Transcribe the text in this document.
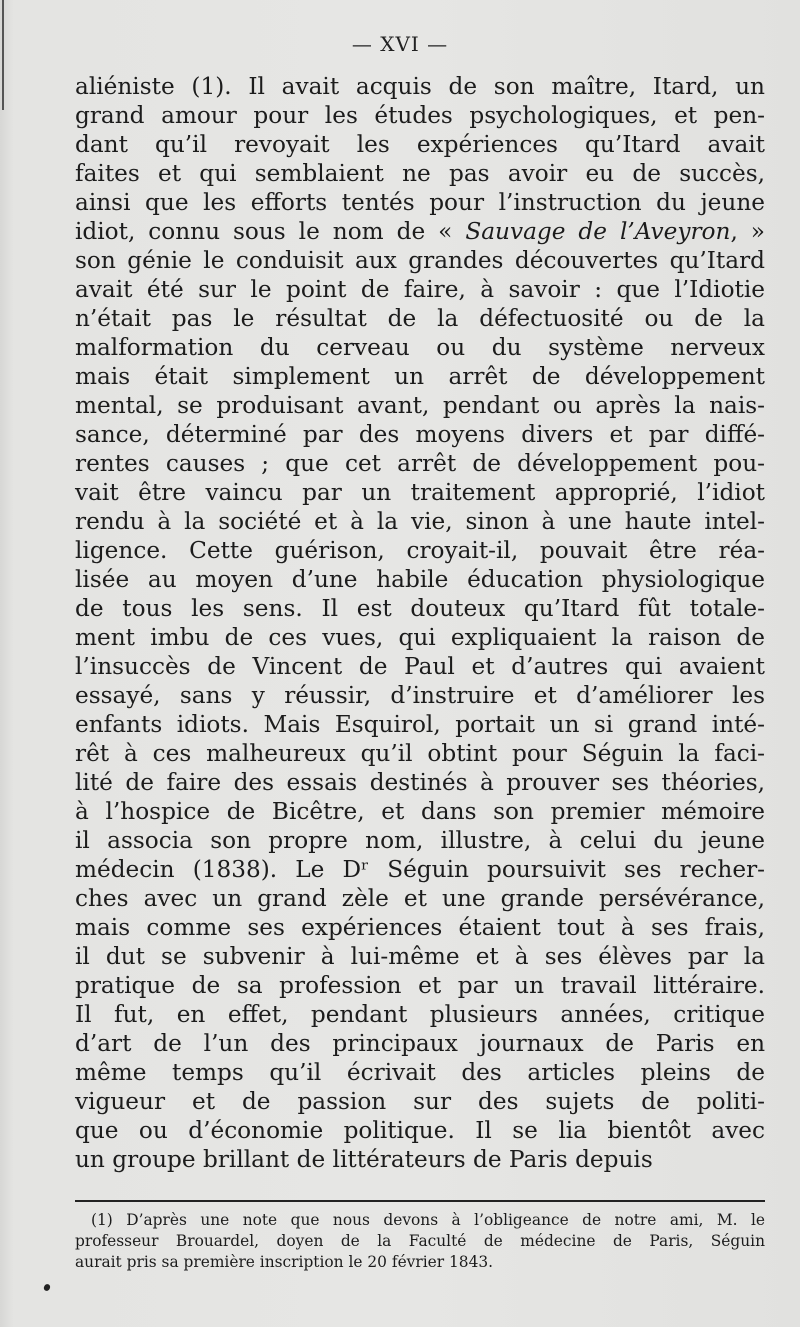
— XVI —
aliéniste (1). Il avait acquis de son maître, Itard, un
grand amour pour les études psychologiques, et pen-
dant qu’il revoyait les expériences qu’Itard avait
faites et qui semblaient ne pas avoir eu de succès,
ainsi que les efforts tentés pour l’instruction du jeune
idiot, connu sous le nom de « Sauvage de l’Aveyron, »
son génie le conduisit aux grandes découvertes qu’Itard
avait été sur le point de faire, à savoir : que l’Idiotie
n’était pas le résultat de la défectuosité ou de la
malformation du cerveau ou du système nerveux
mais était simplement un arrêt de développement
mental, se produisant avant, pendant ou après la nais-
sance, déterminé par des moyens divers et par diffé-
rentes causes ; que cet arrêt de développement pou-
vait être vaincu par un traitement approprié, l’idiot
rendu à la société et à la vie, sinon à une haute intel-
ligence. Cette guérison, croyait-il, pouvait être réa-
lisée au moyen d’une habile éducation physiologique
de tous les sens. Il est douteux qu’Itard fût totale-
ment imbu de ces vues, qui expliquaient la raison de
l’insuccès de Vincent de Paul et d’autres qui avaient
essayé, sans y réussir, d’instruire et d’améliorer les
enfants idiots. Mais Esquirol, portait un si grand inté-
rêt à ces malheureux qu’il obtint pour Séguin la faci-
lité de faire des essais destinés à prouver ses théories,
à l’hospice de Bicêtre, et dans son premier mémoire
il associa son propre nom, illustre, à celui du jeune
médecin (1838). Le Dʳ Séguin poursuivit ses recher-
ches avec un grand zèle et une grande persévérance,
mais comme ses expériences étaient tout à ses frais,
il dut se subvenir à lui-même et à ses élèves par la
pratique de sa profession et par un travail littéraire.
Il fut, en effet, pendant plusieurs années, critique
d’art de l’un des principaux journaux de Paris en
même temps qu’il écrivait des articles pleins de
vigueur et de passion sur des sujets de politi-
que ou d’économie politique. Il se lia bientôt avec
un groupe brillant de littérateurs de Paris depuis
(1) D’après une note que nous devons à l’obligeance de notre ami, M. le
professeur Brouardel, doyen de la Faculté de médecine de Paris, Séguin
aurait pris sa première inscription le 20 février 1843.
